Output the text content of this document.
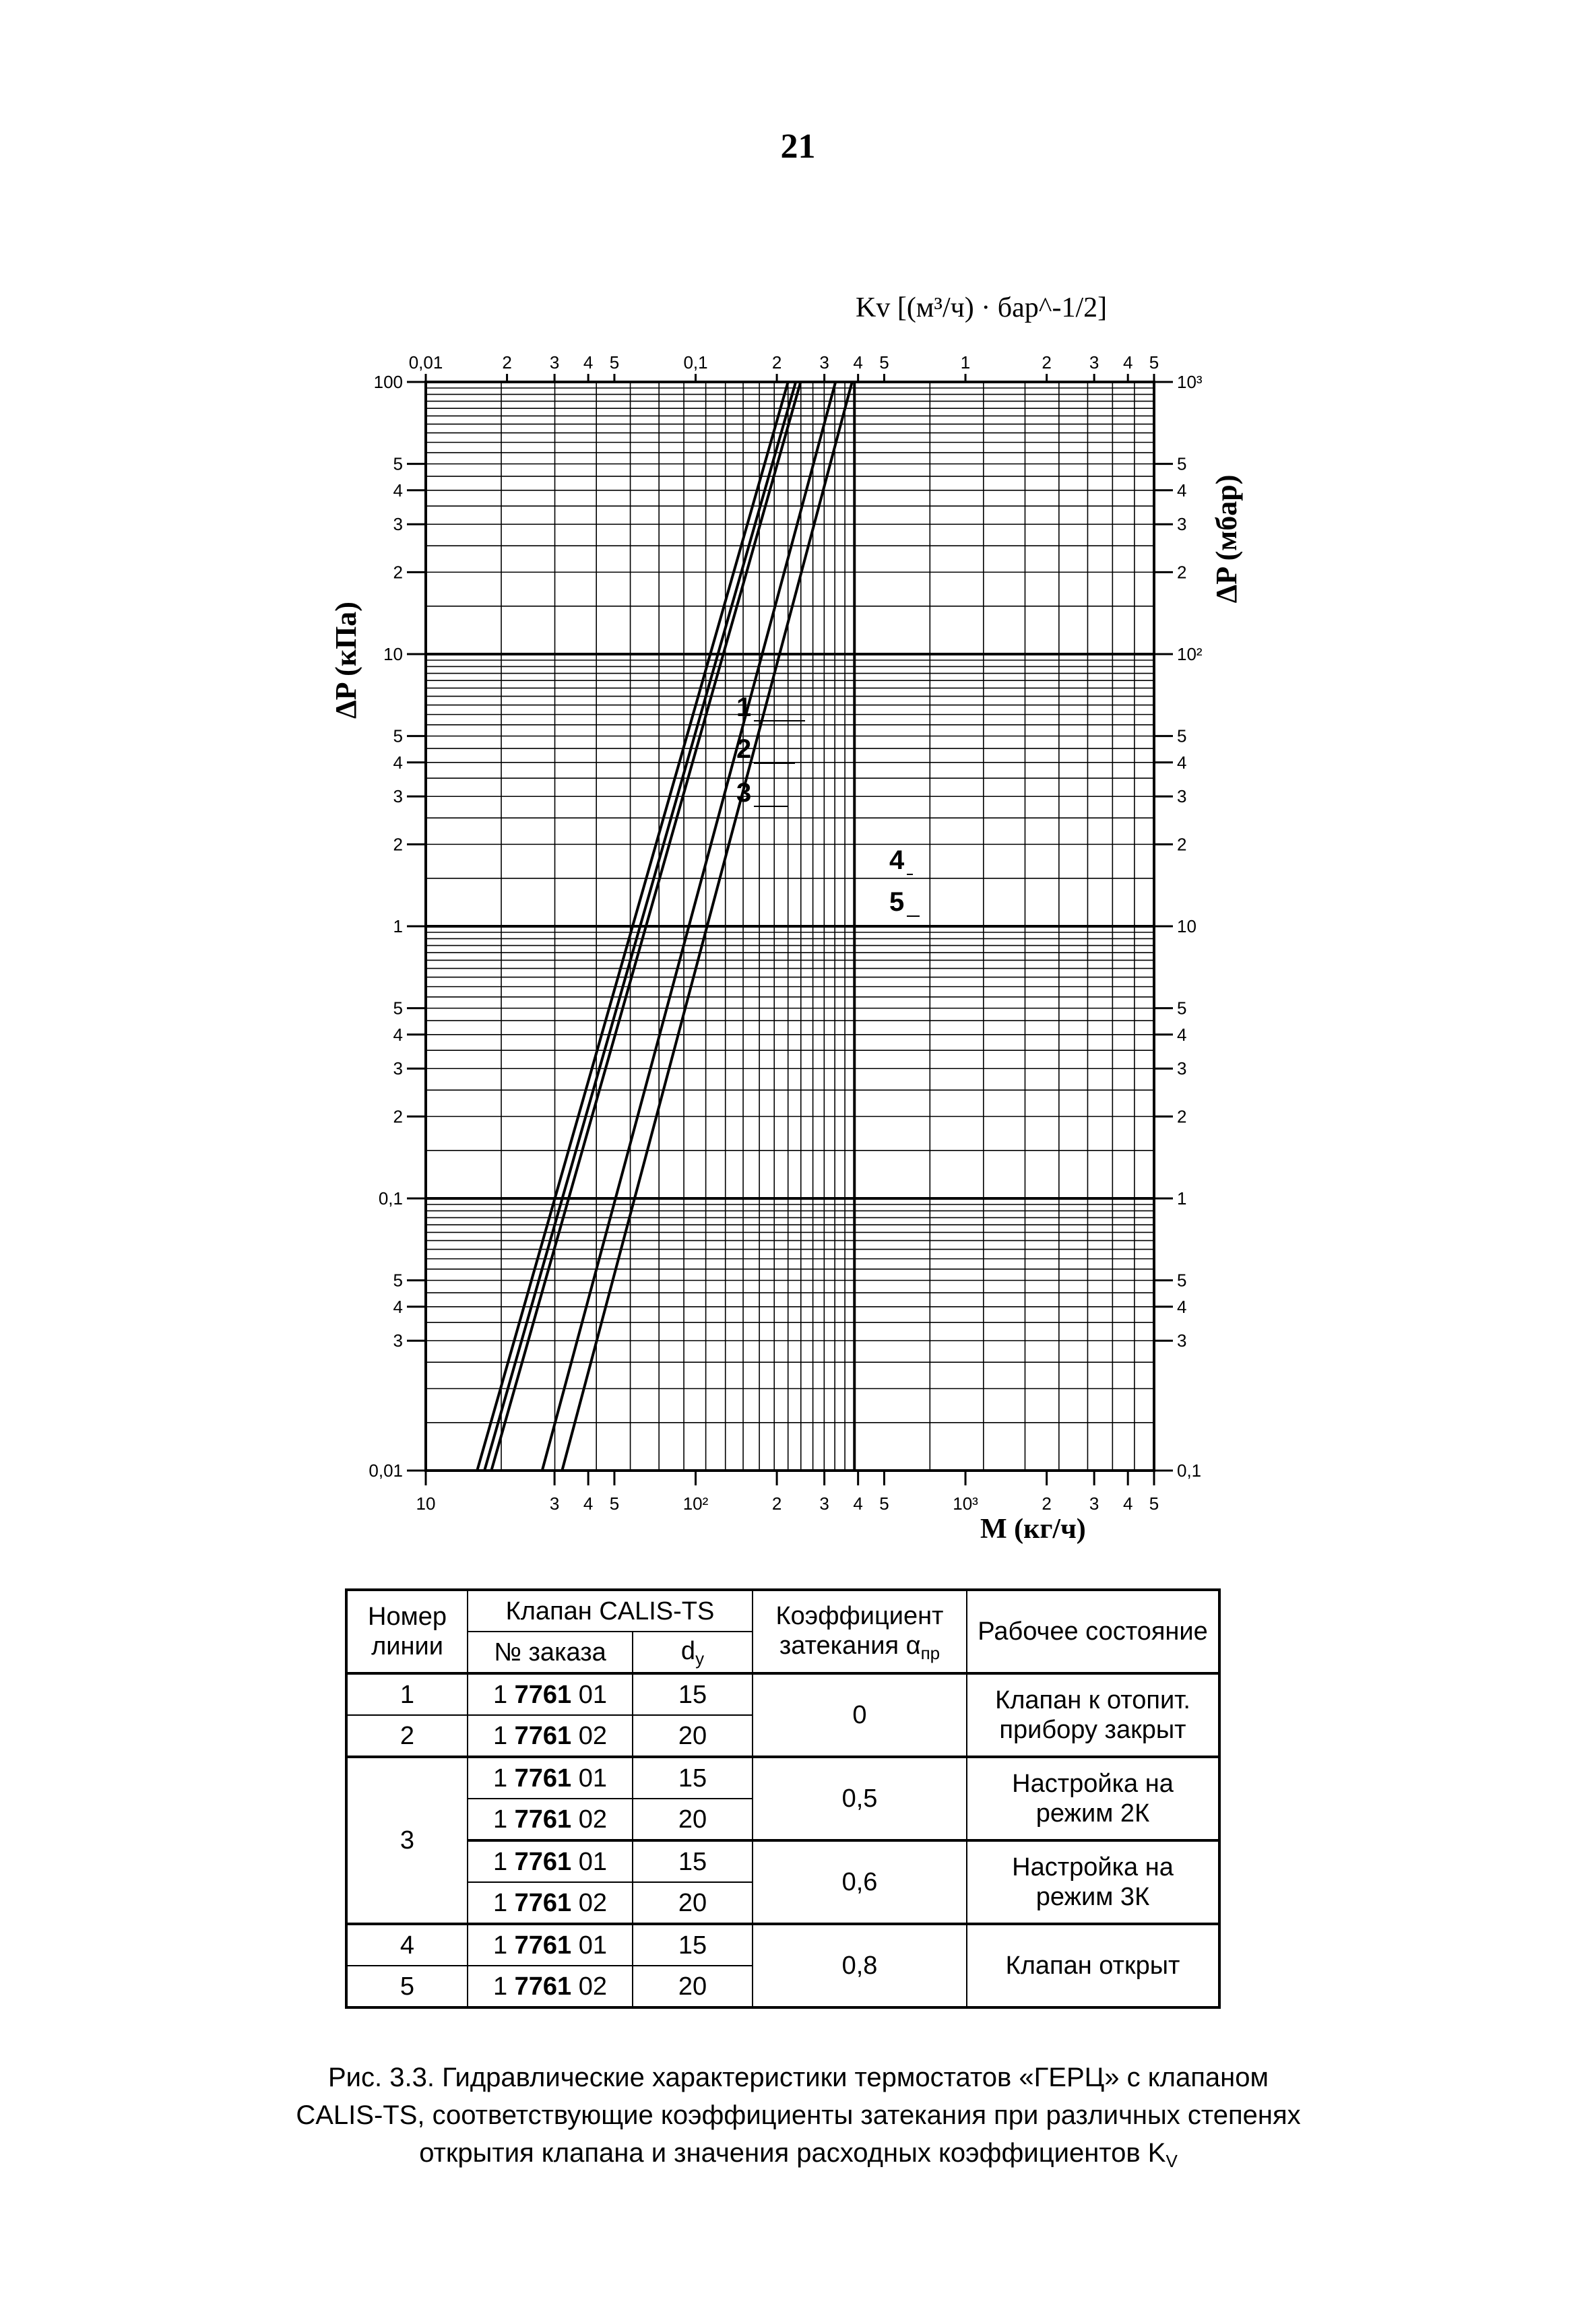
21
10	3 4 5	10²	2 3 4 5	10³	2 3 4 5
0,01	2 3 4 5	0,1	2 3 4 5	1	2 3 4 5
100
5
4
3
2
10
5
4
3
2
1
5
4
3
2
0,1
5
4
3
0,01
10³
5
4
3
2
10²
5
4
3
2
10
5
4
3
2
1
5
4
3
0,1
1
2
3
4
5
Kv [(м³/ч) · бар^-1/2]
M (кг/ч)
ΔP (кПа)
ΔP (мбар)
Номер линии	Клапан CALIS-TS		Коэффициент
затекания $\alpha_{пр}$	Рабочее состояние
	№ заказа	$d_y$
1	1 7761 01	15	0	Клапан к отопит. прибору закрыт
2	1 7761 02	20		
3	1 7761 01	15	0,5	Настройка на режим 2К
	1 7761 02	20		
	1 7761 01	15	0,6	Настройка на режим 3К
	1 7761 02	20		
4	1 7761 01	15	0,8	Клапан открыт
5	1 7761 02	20		
Рис. 3.3. Гидравлические характеристики термостатов «ГЕРЦ» с клапаном
CALIS-TS, соответствующие коэффициенты затекания при различных степенях
открытия клапана и значения расходных коэффициентов $K_V$
